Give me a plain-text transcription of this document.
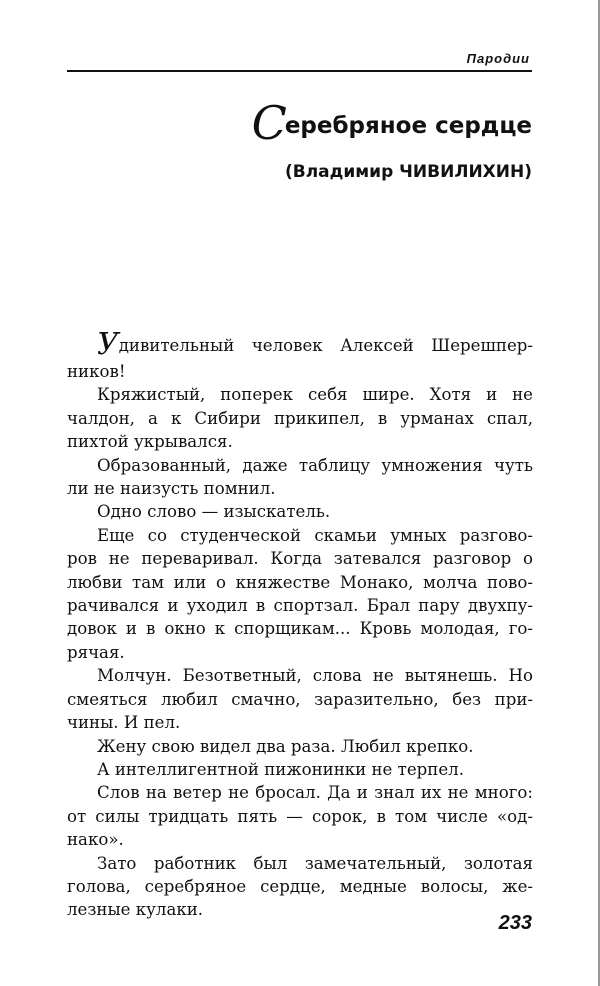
Пародии
Серебряное сердце
(Владимир ЧИВИЛИХИН)
Удивительный человек Алексей Шерешпер-
ников!
Кряжистый, поперек себя шире. Хотя и не
чалдон, а к Сибири прикипел, в урманах спал,
пихтой укрывался.
Образованный, даже таблицу умножения чуть
ли не наизусть помнил.
Одно слово — изыскатель.
Еще со студенческой скамьи умных разгово-
ров не переваривал. Когда затевался разговор о
любви там или о княжестве Монако, молча пово-
рачивался и уходил в спортзал. Брал пару двухпу-
довок и в окно к спорщикам... Кровь молодая, го-
рячая.
Молчун. Безответный, слова не вытянешь. Но
смеяться любил смачно, заразительно, без при-
чины. И пел.
Жену свою видел два раза. Любил крепко.
А интеллигентной пижонинки не терпел.
Слов на ветер не бросал. Да и знал их не много:
от силы тридцать пять — сорок, в том числе «од-
нако».
Зато работник был замечательный, золотая
голова, серебряное сердце, медные волосы, же-
лезные кулаки.
233
